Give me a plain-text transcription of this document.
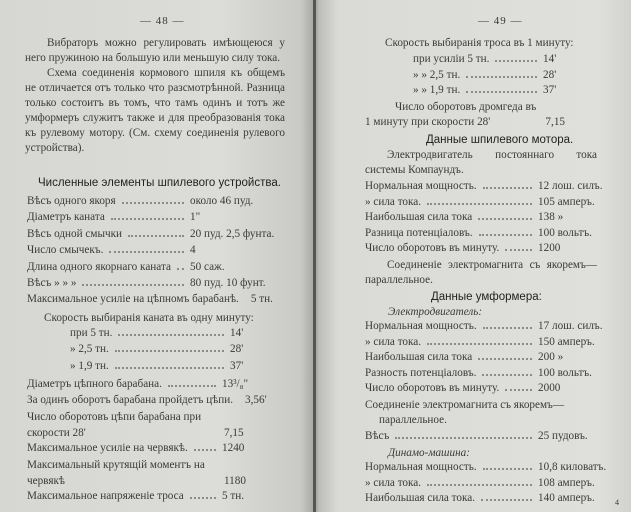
— 48 —

Вибраторъ можно регулировать имѣющеюся у него пружиною на большую или меньшую силу тока.

Схема соединенія кормового шпиля къ общемъ не отличается отъ только что разсмотрѣнной. Разница только состоитъ въ томъ, что тамъ одинъ и тотъ же умформеръ служитъ также и для преобразованія тока къ рулевому мотору. (См. схему соединенія рулевого устройства).

Численные элементы шпилевого устройства.
Вѣсъ одного якоря	около 46 пуд.
Діаметръ каната	1"
Вѣсъ одной смычки	20 пуд. 2,5 фунта.
Число смычекъ.	4
Длина одного якорнаго каната 50 саж.
Вѣсъ » » »	80 пуд. 10 фунт.
Максимальное усиліе на цѣпномъ барабанѣ. 5 тн.
Скорость выбиранія каната въ одну минуту:
при 5 тн.	14'
» 2,5 тн.	28'
» 1,9 тн.	37'
Діаметръ цѣпного барабана.	13³/₈"
За одинъ оборотъ барабана пройдетъ цѣпи. 3,56'
Число оборотовъ цѣпи барабана при скорости 28'	7,15
Максимальное усиліе на червякѣ.	1240
Максимальный крутящій моментъ на червякѣ	1180
Максимальное напряженіе троса	5 тн.
— 49 —
Скорость выбиранія троса въ 1 минуту:
при усиліи 5 тн.	14'
» » 2,5 тн.	28'
» » 1,9 тн.	37'
Число оборотовъ дромгеда въ 1 минуту при скорости 28'	7,15
Данные шпилевого мотора.

Электродвигатель постояннаго тока системы Компаундъ.

Нормальная мощность.	12 лош. силъ.
» сила тока.	105 амперъ.
Наибольшая сила тока	138 »
Разница потенціаловъ.	100 вольтъ.
Число оборотовъ въ минуту.	1200

Соединеніе электромагнита съ якоремъ—параллельное.

Данные умформера:
Электродвигатель:
Нормальная мощность.	17 лош. силъ.
» сила тока.	150 амперъ.
Наибольшая сила тока	200 »
Разность потенціаловъ.	100 вольтъ.
Число оборотовъ въ минуту.	2000

Соединеніе электромагнита съ якоремъ—параллельное.

Вѣсъ	25 пудовъ.
Динамо-машина:
Нормальная мощность.	10,8 киловатъ.
» сила тока.	108 амперъ.
Наибольшая сила тока.	140 амперъ.	4
